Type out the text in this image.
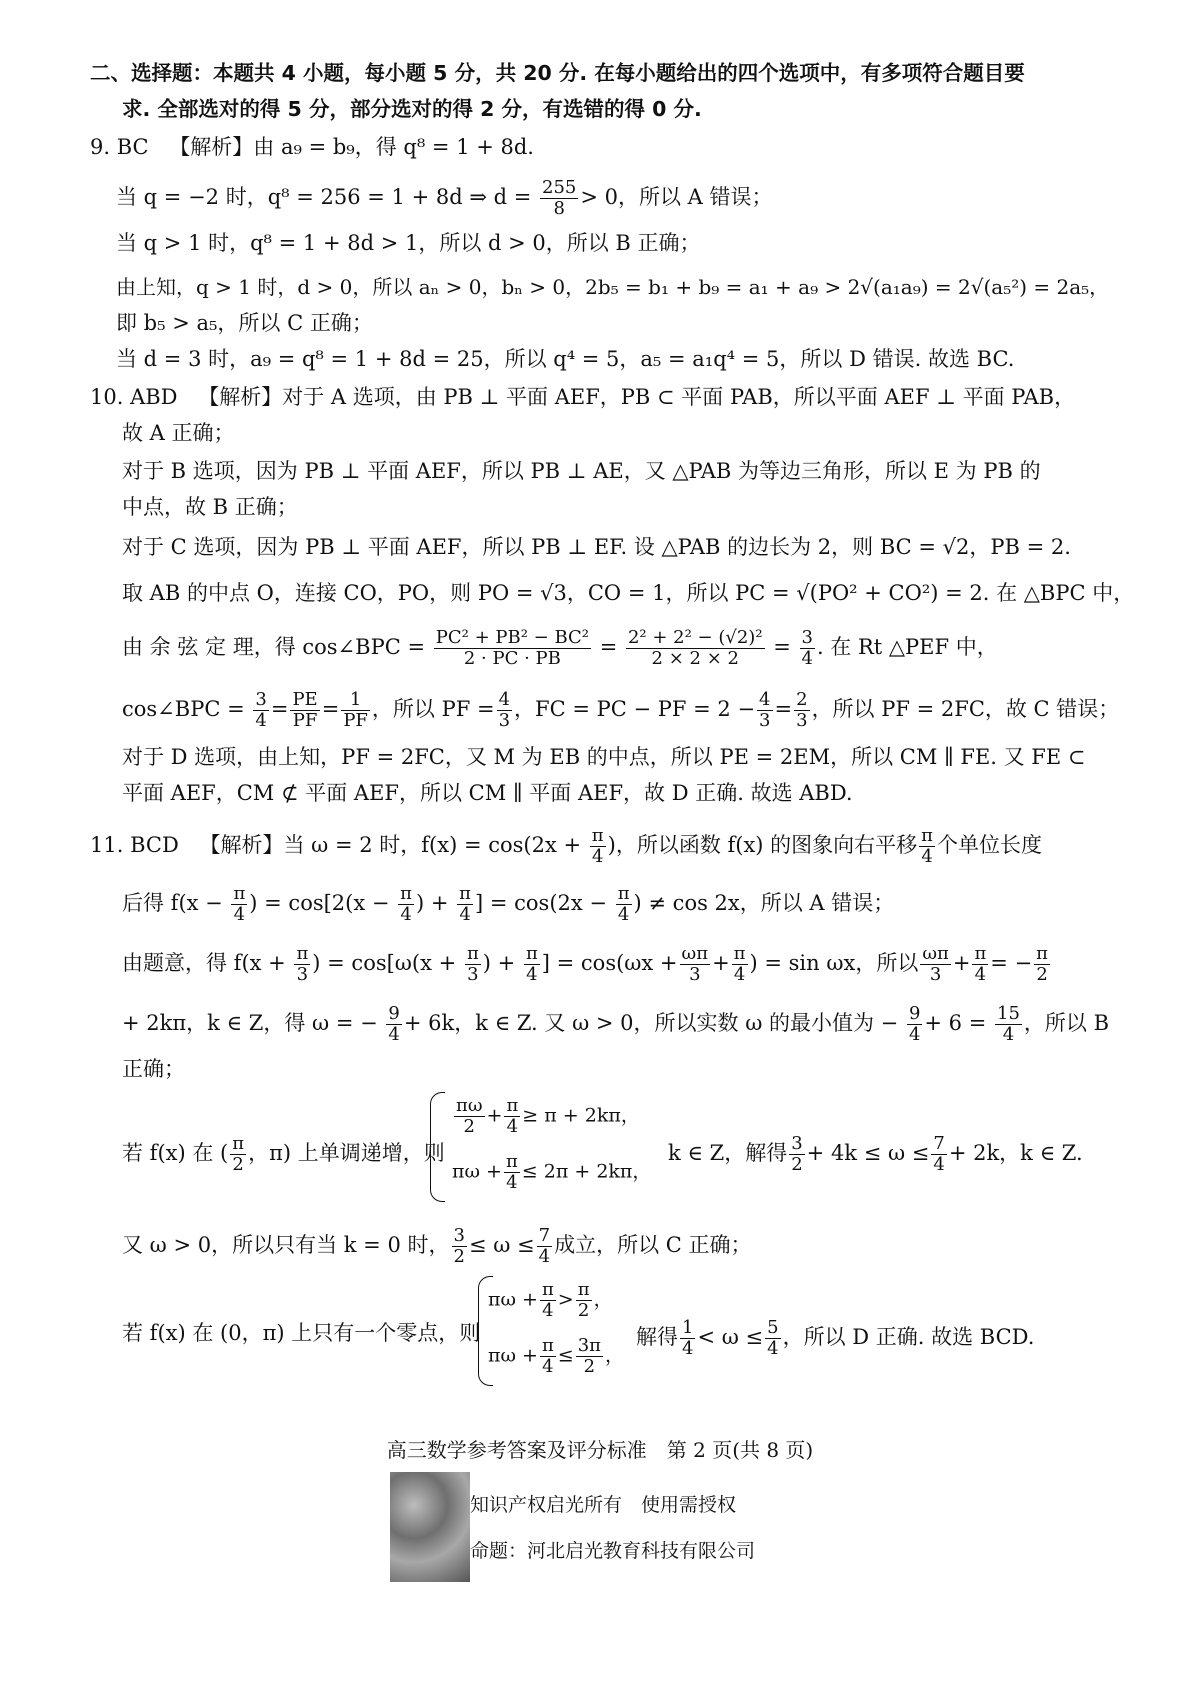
二、选择题：本题共 4 小题，每小题 5 分，共 20 分. 在每小题给出的四个选项中，有多项符合题目要
求. 全部选对的得 5 分，部分选对的得 2 分，有选错的得 0 分.
9. BC 【解析】由 a₉ = b₉，得 q⁸ = 1 + 8d.
当 q = −2 时，q⁸ = 256 = 1 + 8d ⇒ $d = \frac{255}{8} > 0$，所以 A 错误；
当 q > 1 时，q⁸ = 1 + 8d > 1，所以 d > 0，所以 B 正确；
由上知，q > 1 时，d > 0，所以 aₙ > 0，bₙ > 0，2b₅ = b₁ + b₉ = a₁ + a₉ > 2√(a₁a₉) = 2√(a₅²) = 2a₅，
即 b₅ > a₅，所以 C 正确；
当 d = 3 时，a₉ = q⁸ = 1 + 8d = 25，所以 q⁴ = 5，a₅ = a₁q⁴ = 5，所以 D 错误. 故选 BC.
10. ABD 【解析】对于 A 选项，由 PB ⊥ 平面 AEF，PB ⊂ 平面 PAB，所以平面 AEF ⊥ 平面 PAB，
故 A 正确；
对于 B 选项，因为 PB ⊥ 平面 AEF，所以 PB ⊥ AE，又 △PAB 为等边三角形，所以 E 为 PB 的
中点，故 B 正确；
对于 C 选项，因为 PB ⊥ 平面 AEF，所以 PB ⊥ EF. 设 △PAB 的边长为 2，则 BC = √2，PB = 2.
取 AB 的中点 O，连接 CO，PO，则 PO = √3，CO = 1，所以 PC = √(PO² + CO²) = 2. 在 △BPC 中，
由 余 弦 定 理，得 cos∠BPC = $\frac{\text{PC² + PB² − BC²}}{2 \cdot PC \cdot PB} = \frac{\text{2² + 2² − (√2)²}}{2 \times 2 \times 2} = \frac{3}{4}$ . 在 Rt △PEF 中，
cos∠BPC = $\frac{3}{4} = \frac{PE}{PF} = \frac{1}{PF}$ ，所以 PF = $\frac{4}{3}$ ，FC = PC − PF = $2 - \frac{4}{3} = \frac{2}{3}$ ，所以 PF = 2FC，故 C 错误；
对于 D 选项，由上知，PF = 2FC，又 M 为 EB 的中点，所以 PE = 2EM，所以 CM ∥ FE. 又 FE ⊂
平面 AEF，CM ⊄ 平面 AEF，所以 CM ∥ 平面 AEF，故 D 正确. 故选 ABD.
11. BCD 【解析】当 ω = 2 时，$f(x) = \cos(2x + \frac{\pi}{4}$ )，所以函数 f(x) 的图象向右平移 $\frac{\pi}{4}$ 个单位长度
后得 $f(x - \frac{\pi}{4}$ ) = $\cos[2(x - \frac{\pi}{4}$ ) + $\frac{\pi}{4}$ ] = $\cos(2x - \frac{\pi}{4}$ ) ≠ cos 2x，所以 A 错误；
由题意，得 $f(x + \frac{\pi}{3}$ ) = $\cos[\omega(x + \frac{\pi}{3}$ ) + $\frac{\pi}{4}$ ] = $\cos(\omega x + \frac{\omega\pi}{3} + \frac{\pi}{4}$ ) = sin ωx，所以 $\frac{\omega\pi}{3} + \frac{\pi}{4}$ = − $\frac{\pi}{2}$
+ 2kπ，k ∈ Z，得 ω = − $\frac{9}{4} + 6k$，k ∈ Z. 又 ω > 0，所以实数 ω 的最小值为 − $\frac{9}{4} + 6 = \frac{15}{4}$ ，所以 B
正确；
若 f(x) 在 ( $\frac{\pi}{2}$ ，π) 上单调递增，则
$\frac{\pi\omega}{2} + \frac{\pi}{4} \ge \pi + 2k\pi$，
$\pi\omega + \frac{\pi}{4} \le 2\pi + 2k\pi$，
k ∈ Z，解得 $\frac{3}{2} + 4k \le \omega \le \frac{7}{4} + 2k$，k ∈ Z.
又 ω > 0，所以只有当 k = 0 时， $\frac{3}{2} \le \omega \le \frac{7}{4}$ 成立，所以 C 正确；
若 f(x) 在 (0，π) 上只有一个零点，则
$\pi\omega + \frac{\pi}{4} > \frac{\pi}{2}$ ，
$\pi\omega + \frac{\pi}{4} \le \frac{3\pi}{2}$ ，
解得 $\frac{1}{4} < \omega \le \frac{5}{4}$ ，所以 D 正确. 故选 BCD.
高三数学参考答案及评分标准　第 2 页(共 8 页)
知识产权启光所有　使用需授权
命题：河北启光教育科技有限公司
